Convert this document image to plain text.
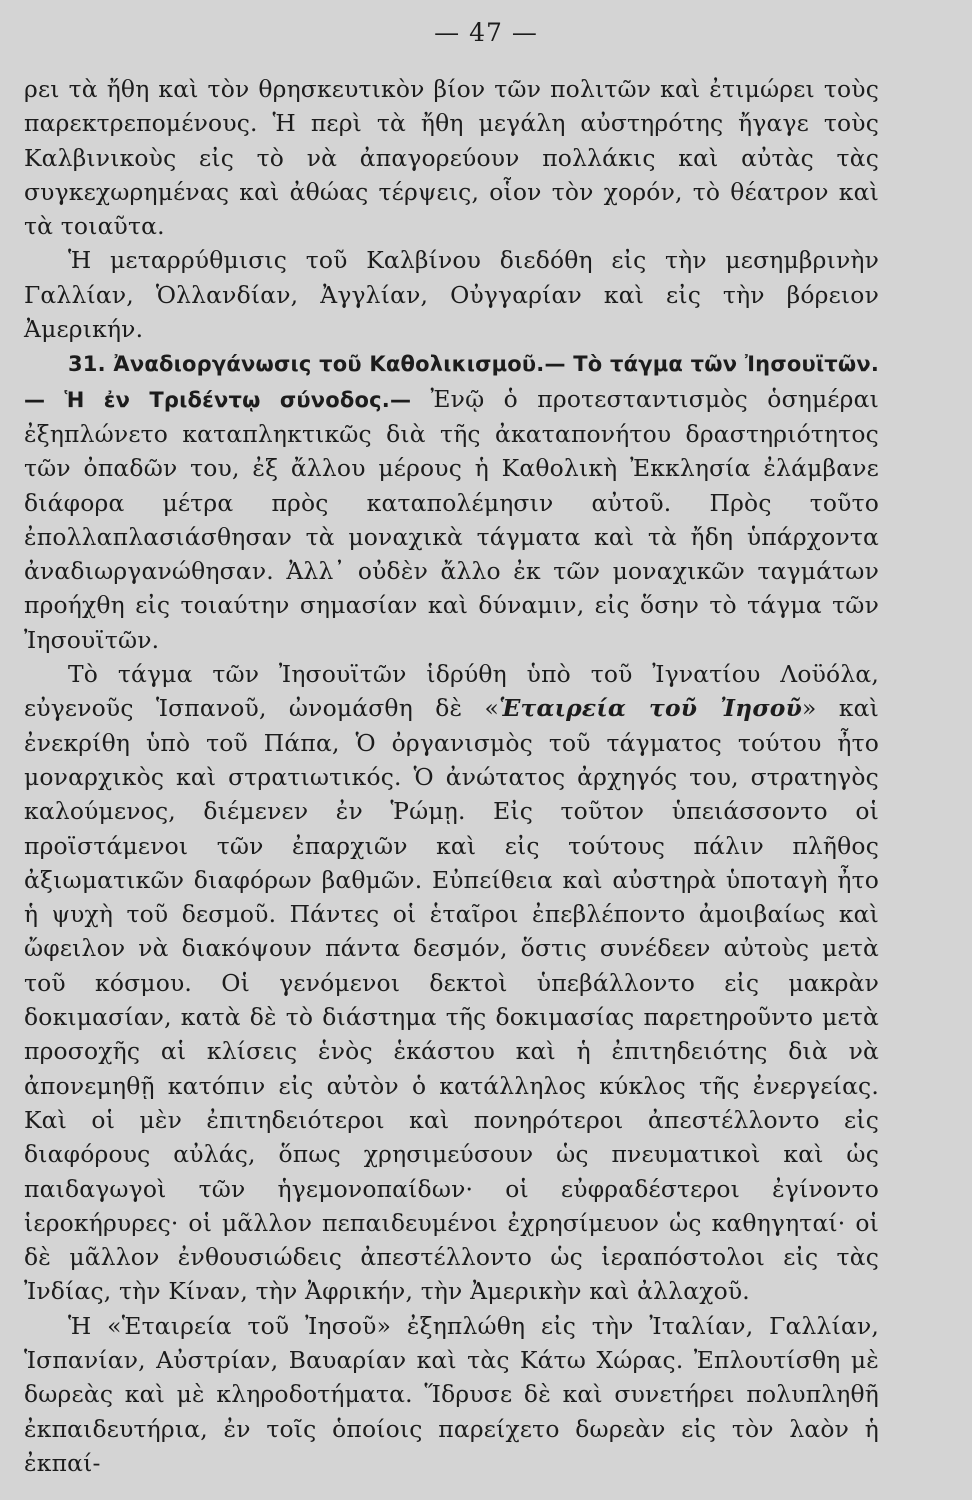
— 47 —

ρει τὰ ἤθη καὶ τὸν θρησκευτικὸν βίον τῶν πολιτῶν καὶ ἐτιμώρει τοὺς παρεκτρεπομένους. Ἡ περὶ τὰ ἤθη μεγάλη αὐστηρότης ἤγαγε τοὺς Καλβινικοὺς εἰς τὸ νὰ ἀπαγορεύουν πολλάκις καὶ αὐτὰς τὰς συγκεχωρημένας καὶ ἀθώας τέρψεις, οἷον τὸν χορόν, τὸ θέατρον καὶ τὰ τοιαῦτα.

Ἡ μεταρρύθμισις τοῦ Καλβίνου διεδόθη εἰς τὴν μεσημβρινὴν Γαλλίαν, Ὁλλανδίαν, Ἀγγλίαν, Οὐγγαρίαν καὶ εἰς τὴν βόρειον Ἀμερικήν.

31. Ἀναδιοργάνωσις τοῦ Καθολικισμοῦ.— Τὸ τάγμα τῶν Ἰησουϊτῶν.— Ἡ ἐν Τριδέντῳ σύνοδος.— Ἐνῷ ὁ προτεσταντισμὸς ὁσημέραι ἐξηπλώνετο καταπληκτικῶς διὰ τῆς ἀκαταπονήτου δραστηριότητος τῶν ὀπαδῶν του, ἐξ ἄλλου μέρους ἡ Καθολικὴ Ἐκκλησία ἐλάμβανε διάφορα μέτρα πρὸς καταπολέμησιν αὐτοῦ. Πρὸς τοῦτο ἐπολλαπλασιάσθησαν τὰ μοναχικὰ τάγματα καὶ τὰ ἤδη ὑπάρχοντα ἀναδιωργανώθησαν. Ἀλλ᾽ οὐδὲν ἄλλο ἐκ τῶν μοναχικῶν ταγμάτων προήχθη εἰς τοιαύτην σημασίαν καὶ δύναμιν, εἰς ὅσην τὸ τάγμα τῶν Ἰησουϊτῶν.

Τὸ τάγμα τῶν Ἰησουϊτῶν ἱδρύθη ὑπὸ τοῦ Ἰγνατίου Λοϋόλα, εὐγενοῦς Ἱσπανοῦ, ὠνομάσθη δὲ «Ἑταιρεία τοῦ Ἰησοῦ» καὶ ἐνεκρίθη ὑπὸ τοῦ Πάπα, Ὁ ὀργανισμὸς τοῦ τάγματος τούτου ἦτο μοναρχικὸς καὶ στρατιωτικός. Ὁ ἀνώτατος ἀρχηγός του, στρατηγὸς καλούμενος, διέμενεν ἐν Ῥώμῃ. Εἰς τοῦτον ὑπειάσσοντο οἱ προϊστάμενοι τῶν ἐπαρχιῶν καὶ εἰς τούτους πάλιν πλῆθος ἀξιωματικῶν διαφόρων βαθμῶν. Εὐπείθεια καὶ αὐστηρὰ ὑποταγὴ ἦτο ἡ ψυχὴ τοῦ δεσμοῦ. Πάντες οἱ ἑταῖροι ἐπεβλέποντο ἀμοιβαίως καὶ ὤφειλον νὰ διακόψουν πάντα δεσμόν, ὅστις συνέδεεν αὐτοὺς μετὰ τοῦ κόσμου. Οἱ γενόμενοι δεκτοὶ ὑπεβάλλοντο εἰς μακρὰν δοκιμασίαν, κατὰ δὲ τὸ διάστημα τῆς δοκιμασίας παρετηροῦντο μετὰ προσοχῆς αἱ κλίσεις ἑνὸς ἑκάστου καὶ ἡ ἐπιτηδειότης διὰ νὰ ἀπονεμηθῇ κατόπιν εἰς αὐτὸν ὁ κατάλληλος κύκλος τῆς ἐνεργείας. Καὶ οἱ μὲν ἐπιτηδειότεροι καὶ πονηρότεροι ἀπεστέλλοντο εἰς διαφόρους αὐλάς, ὅπως χρησιμεύσουν ὡς πνευματικοὶ καὶ ὡς παιδαγωγοὶ τῶν ἡγεμονοπαίδων· οἱ εὐφραδέστεροι ἐγίνοντο ἱεροκήρυρες· οἱ μᾶλλον πεπαιδευμένοι ἐχρησίμευον ὡς καθηγηταί· οἱ δὲ μᾶλλον ἐνθουσιώδεις ἀπεστέλλοντο ὡς ἱεραπόστολοι εἰς τὰς Ἰνδίας, τὴν Κίναν, τὴν Ἀφρικήν, τὴν Ἀμερικὴν καὶ ἀλλαχοῦ.

Ἡ «Ἑταιρεία τοῦ Ἰησοῦ» ἐξηπλώθη εἰς τὴν Ἰταλίαν, Γαλλίαν, Ἱσπανίαν, Αὐστρίαν, Βαυαρίαν καὶ τὰς Κάτω Χώρας. Ἐπλουτίσθη μὲ δωρεὰς καὶ μὲ κληροδοτήματα. Ἵδρυσε δὲ καὶ συνετήρει πολυπληθῆ ἐκπαιδευτήρια, ἐν τοῖς ὁποίοις παρείχετο δωρεὰν εἰς τὸν λαὸν ἡ ἐκπαί-
